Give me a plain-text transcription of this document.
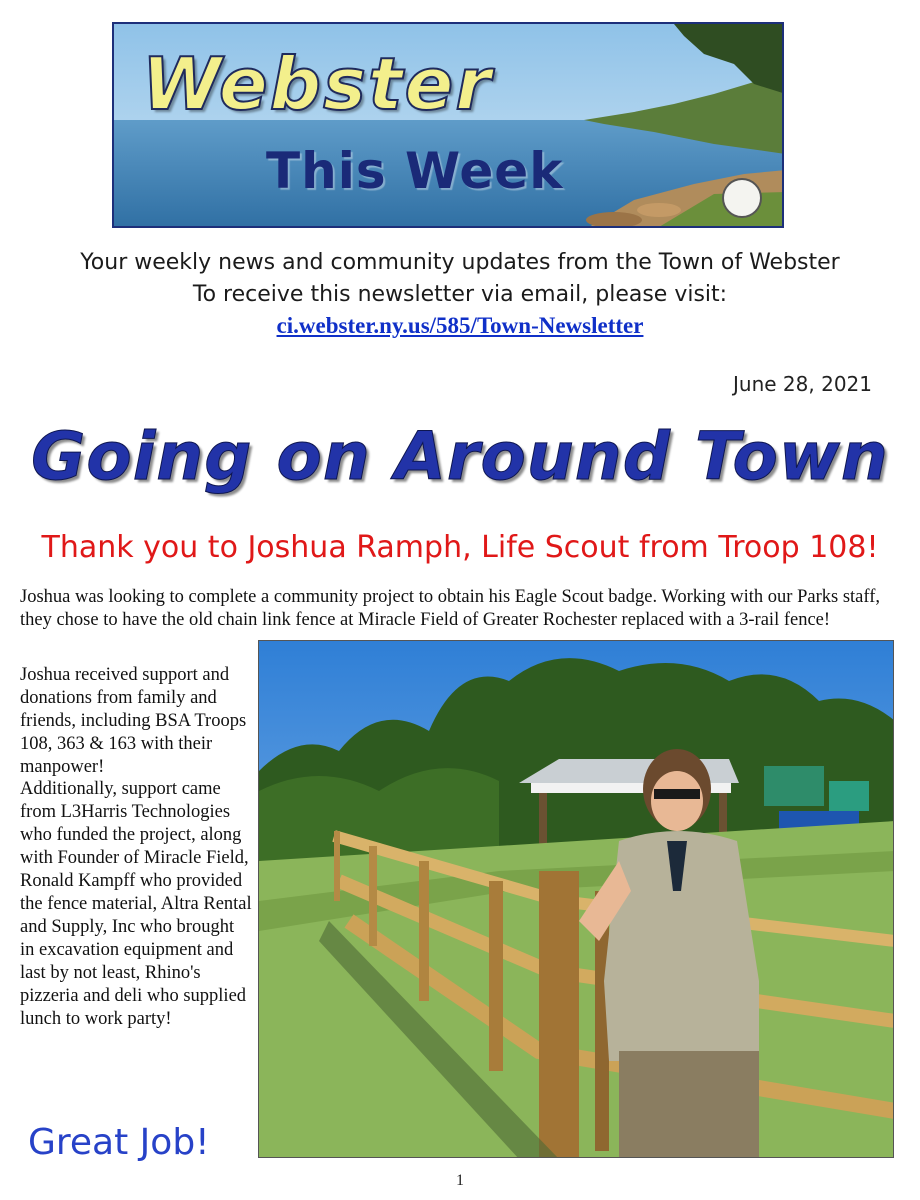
Webster
This Week
Your weekly news and community updates from the Town of Webster
To receive this newsletter via email, please visit:
ci.webster.ny.us/585/Town-Newsletter
June 28, 2021
Going on Around Town
Thank you to Joshua Ramph, Life Scout from Troop 108!
Joshua was looking to complete a community project to obtain his Eagle Scout badge. Working with our Parks staff, they chose to have the old chain link fence at Miracle Field of Greater Rochester replaced with a 3-rail fence!
Joshua received support and donations from family and friends, including BSA Troops 108, 363 & 163 with their manpower!
Additionally, support came from L3Harris Technologies who funded the project, along with Founder of Miracle Field, Ronald Kampff who provided the fence material, Altra Rental and Supply, Inc who brought in excavation equipment and last by not least, Rhino's pizzeria and deli who supplied lunch to work party!
Great Job!
1
